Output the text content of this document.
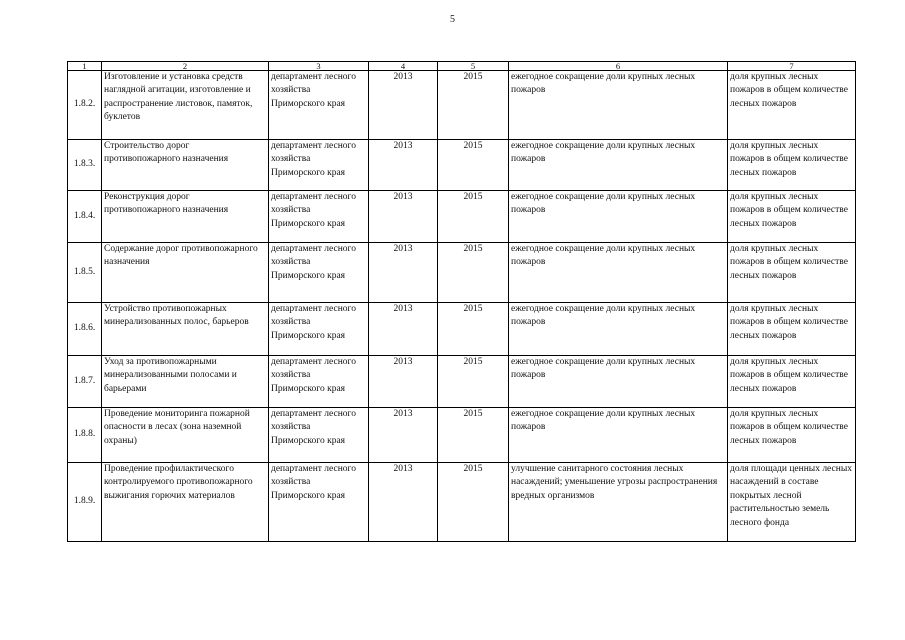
5
1	2	3	4	5	6	7
1.8.2.	Изготовление и установка средств наглядной агитации, изготовление и распространение листовок, памяток, буклетов	департамент лесного хозяйства Приморского края	2013	2015	ежегодное сокращение доли крупных лесных пожаров	доля крупных лесных пожаров в общем количестве лесных пожаров
1.8.3.	Строительство дорог противопожарного назначения	департамент лесного хозяйства Приморского края	2013	2015	ежегодное сокращение доли крупных лесных пожаров	доля крупных лесных пожаров в общем количестве лесных пожаров
1.8.4.	Реконструкция дорог противопожарного назначения	департамент лесного хозяйства Приморского края	2013	2015	ежегодное сокращение доли крупных лесных пожаров	доля крупных лесных пожаров в общем количестве лесных пожаров
1.8.5.	Содержание дорог противопожарного назначения	департамент лесного хозяйства Приморского края	2013	2015	ежегодное сокращение доли крупных лесных пожаров	доля крупных лесных пожаров в общем количестве лесных пожаров
1.8.6.	Устройство противопожарных минерализованных полос, барьеров	департамент лесного хозяйства Приморского края	2013	2015	ежегодное сокращение доли крупных лесных пожаров	доля крупных лесных пожаров в общем количестве лесных пожаров
1.8.7.	Уход за противопожарными минерализованными полосами и барьерами	департамент лесного хозяйства Приморского края	2013	2015	ежегодное сокращение доли крупных лесных пожаров	доля крупных лесных пожаров в общем количестве лесных пожаров
1.8.8.	Проведение мониторинга пожарной опасности в лесах (зона наземной охраны)	департамент лесного хозяйства Приморского края	2013	2015	ежегодное сокращение доли крупных лесных пожаров	доля крупных лесных пожаров в общем количестве лесных пожаров
1.8.9.	Проведение профилактического контролируемого противопожарного выжигания горючих материалов	департамент лесного хозяйства Приморского края	2013	2015	улучшение санитарного состояния лесных насаждений; уменьшение угрозы распространения вредных организмов	доля площади ценных лесных насаждений в составе покрытых лесной растительностью земель лесного фонда
